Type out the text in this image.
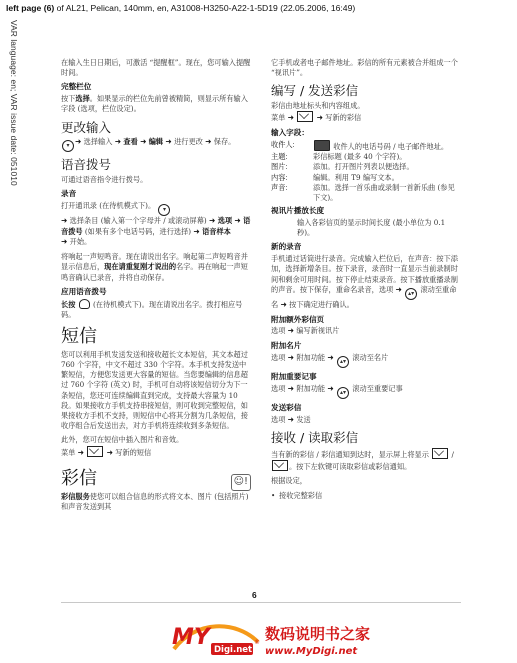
left page (6) of AL21, Pelican, 140mm, en, A31008-H3250-A22-1-5D19 (22.05.2006, 16:49)
VAR language: en; VAR issue date: 051010	在输入生日日期后，可激活 “提醒框”。现在，您可输入提醒时间。
完整栏位
按下选择。如果显示的栏位先前曾被精简，则显示所有输入字段 (选项，栏位设定)。
更改输入
▾ ➜ 选择输入 ➜ 查看 ➜ 编辑 ➜ 进行更改 ➜ 保存。
语音拨号
可通过语音指令进行拨号。
录音
打开通讯录 (在待机模式下)。 ▾
➜ 选择条目 (输入第一个字母并 / 或滚动屏幕) ➜ 选项 ➜ 语音拨号 (如果有多个电话号码，进行选择) ➜ 语音样本
➜ 开始。
将响起一声短鸣音。现在请说出名字。响起第二声短鸣音并显示信息后，现在请重复刚才说出的名字。再在响起一声短鸣音确认已录音，并将自动保存。
应用语音拨号
长按  (在待机模式下)。现在请说出名字。拨打相应号码。
短信
您可以利用手机发送发送和接收超长文本短信，其文本超过 760 个字符，中文不超过 330 个字符。本手机支持发送中繁短信，方便您发送更大容量的短信。当您要编辑的信息超过 760 个字符 (英文) 时，手机可自动将该短信切分为下一条短信，您还可连续编辑直到完成，支持最大容量为 10 段。如果接收方手机支持串接短信，则可收到完整短信，如果接收方手机不支持，则短信中心将其分割为几条短信，接收序组合后发送出去，对方手机将连续收到多条短信。
此外，您可在短信中插入图片和音效。
菜单 ➜	➜ 写新的短信
彩信	☺!
彩信服务使您可以组合信息的形式将文本、图片 (包括照片) 和声音发送到其
它手机或者电子邮件地址。彩信的所有元素被合并组成一个 “视讯片”。
编写 / 发送彩信
彩信由地址标头和内容组成。
菜单 ➜	➜ 写新的彩信
输入字段：
收件人:	收件人的电话号码 / 电子邮件地址。
主题:	彩信标题 (最多 40 个字符)。
图片:	添加。打开图片列表以便选择。
内容:	编辑。利用 T9 编写文本。
声音:	添加。选择一首乐曲或录制一首新乐曲 (参见下文)。
视讯片播放长度
输入各彩信页的显示时间长度 (最小单位为 0.1 秒)。
新的录音
手机通过话筒进行录音。完成输入栏位后，在声音：按下添加，选择新增条目。按下录音，录音时一直显示当前录制时间和剩余可用时间。按下停止结束录音。按下播放重播录制的声音。按下保存，重命名录音，选项 ➜ ▴▾ 滚动至重命名 ➜ 按下确定进行确认。
附加额外彩信页
选项 ➜ 编写新视讯片
附加名片
选项 ➜ 附加功能 ➜ ▴▾ 滚动至名片
附加重要记事
选项 ➜ 附加功能 ➜ ▴▾ 滚动至重要记事
发送彩信
选项 ➜ 发送
接收 / 读取彩信
当有新的彩信 / 彩信通知到达时，显示屏上将显示	/ 。按下左软键可读取彩信或彩信通知。
根据设定，
• 接收完整彩信
6
MY Digi.net
® 数码说明书之家
www.MyDigi.net
